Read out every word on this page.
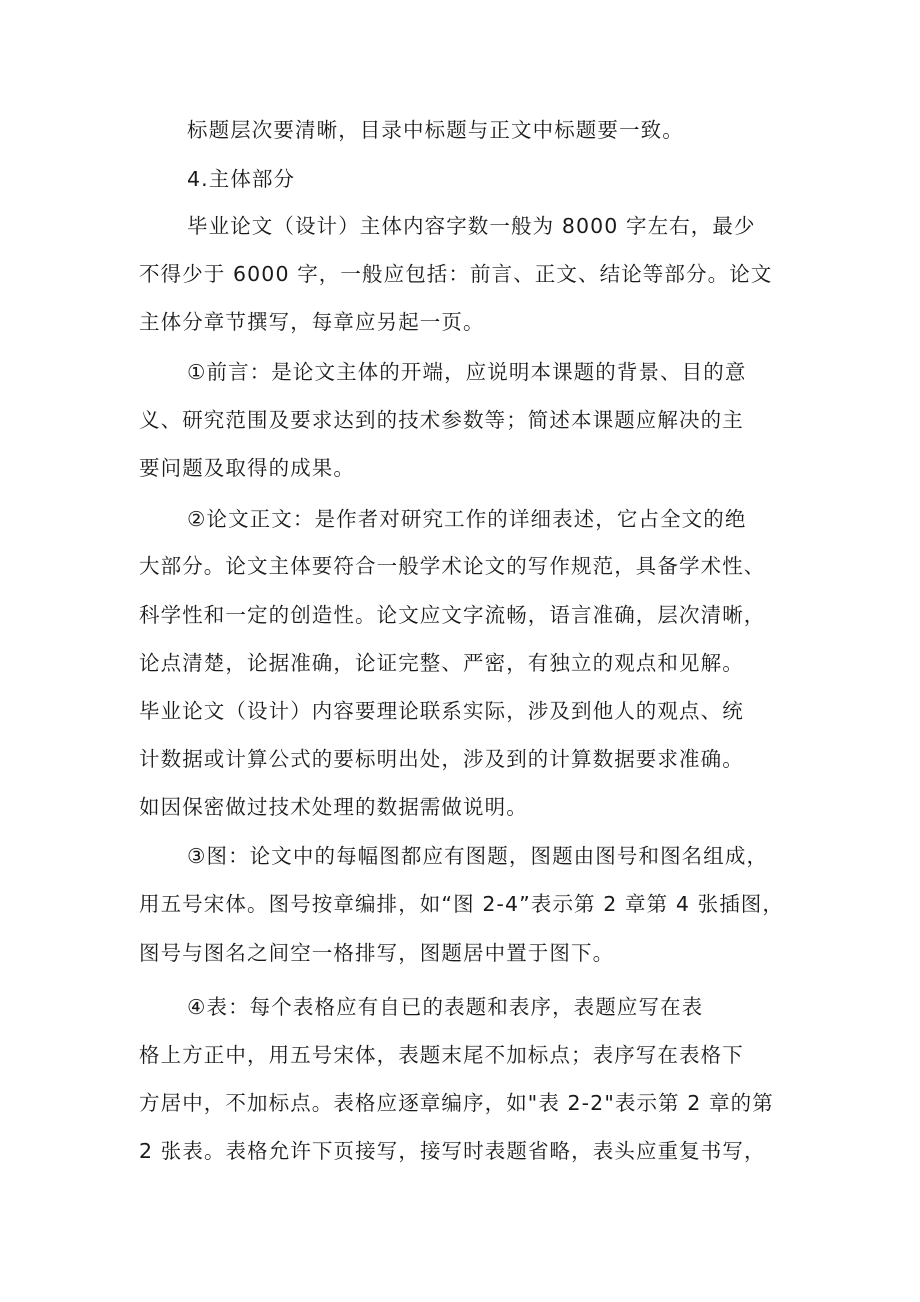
标题层次要清晰，目录中标题与正文中标题要一致。
4.主体部分
毕业论文（设计）主体内容字数一般为 8000 字左右，最少
不得少于 6000 字，一般应包括：前言、正文、结论等部分。论文
主体分章节撰写，每章应另起一页。
①前言：是论文主体的开端，应说明本课题的背景、目的意
义、研究范围及要求达到的技术参数等；简述本课题应解决的主
要问题及取得的成果。
②论文正文：是作者对研究工作的详细表述，它占全文的绝
大部分。论文主体要符合一般学术论文的写作规范，具备学术性、
科学性和一定的创造性。论文应文字流畅，语言准确，层次清晰，
论点清楚，论据准确，论证完整、严密，有独立的观点和见解。
毕业论文（设计）内容要理论联系实际，涉及到他人的观点、统
计数据或计算公式的要标明出处，涉及到的计算数据要求准确。
如因保密做过技术处理的数据需做说明。
③图：论文中的每幅图都应有图题，图题由图号和图名组成，
用五号宋体。图号按章编排，如“图 2-4”表示第 2 章第 4 张插图，
图号与图名之间空一格排写，图题居中置于图下。
④表：每个表格应有自已的表题和表序，表题应写在表
格上方正中，用五号宋体，表题末尾不加标点；表序写在表格下
方居中，不加标点。表格应逐章编序，如"表 2-2"表示第 2 章的第
2 张表。表格允许下页接写，接写时表题省略，表头应重复书写，
